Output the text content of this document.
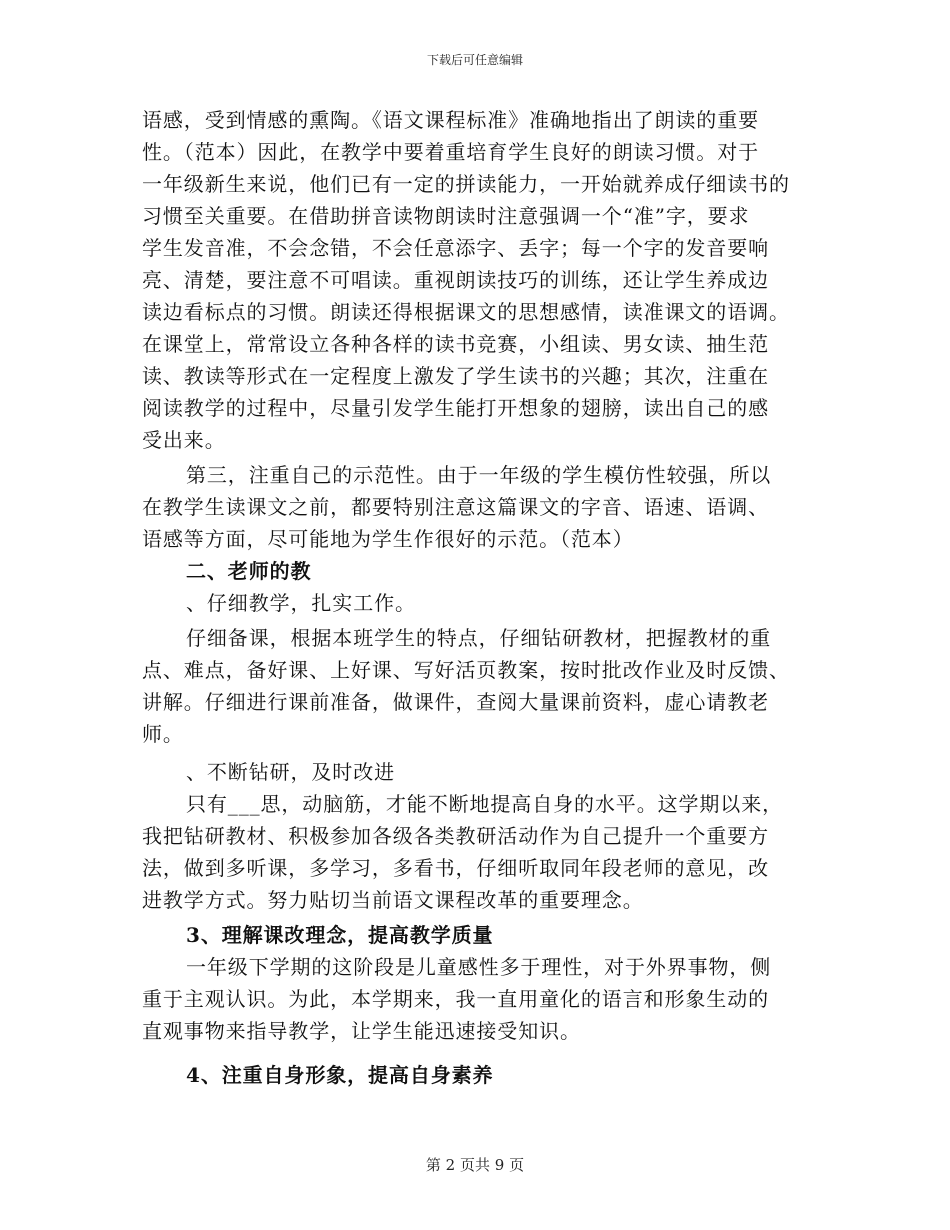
下载后可任意编辑
语感，受到情感的熏陶。《语文课程标准》准确地指出了朗读的重要
性。（范本）因此，在教学中要着重培育学生良好的朗读习惯。对于
一年级新生来说，他们已有一定的拼读能力，一开始就养成仔细读书的
习惯至关重要。在借助拼音读物朗读时注意强调一个“准”字，要求
学生发音准，不会念错，不会任意添字、丢字；每一个字的发音要响
亮、清楚，要注意不可唱读。重视朗读技巧的训练，还让学生养成边
读边看标点的习惯。朗读还得根据课文的思想感情，读准课文的语调。
在课堂上，常常设立各种各样的读书竞赛，小组读、男女读、抽生范
读、教读等形式在一定程度上激发了学生读书的兴趣；其次，注重在
阅读教学的过程中，尽量引发学生能打开想象的翅膀，读出自己的感
受出来。
第三，注重自己的示范性。由于一年级的学生模仿性较强，所以
在教学生读课文之前，都要特别注意这篇课文的字音、语速、语调、
语感等方面，尽可能地为学生作很好的示范。（范本）
二、老师的教
、仔细教学，扎实工作。
仔细备课，根据本班学生的特点，仔细钻研教材，把握教材的重
点、难点，备好课、上好课、写好活页教案，按时批改作业及时反馈、
讲解。仔细进行课前准备，做课件，查阅大量课前资料，虚心请教老
师。
、不断钻研，及时改进
只有___思，动脑筋，才能不断地提高自身的水平。这学期以来，
我把钻研教材、积极参加各级各类教研活动作为自己提升一个重要方
法，做到多听课，多学习，多看书，仔细听取同年段老师的意见，改
进教学方式。努力贴切当前语文课程改革的重要理念。
3、理解课改理念，提高教学质量
一年级下学期的这阶段是儿童感性多于理性，对于外界事物，侧
重于主观认识。为此，本学期来，我一直用童化的语言和形象生动的
直观事物来指导教学，让学生能迅速接受知识。
4、注重自身形象，提高自身素养
第 2 页共 9 页
